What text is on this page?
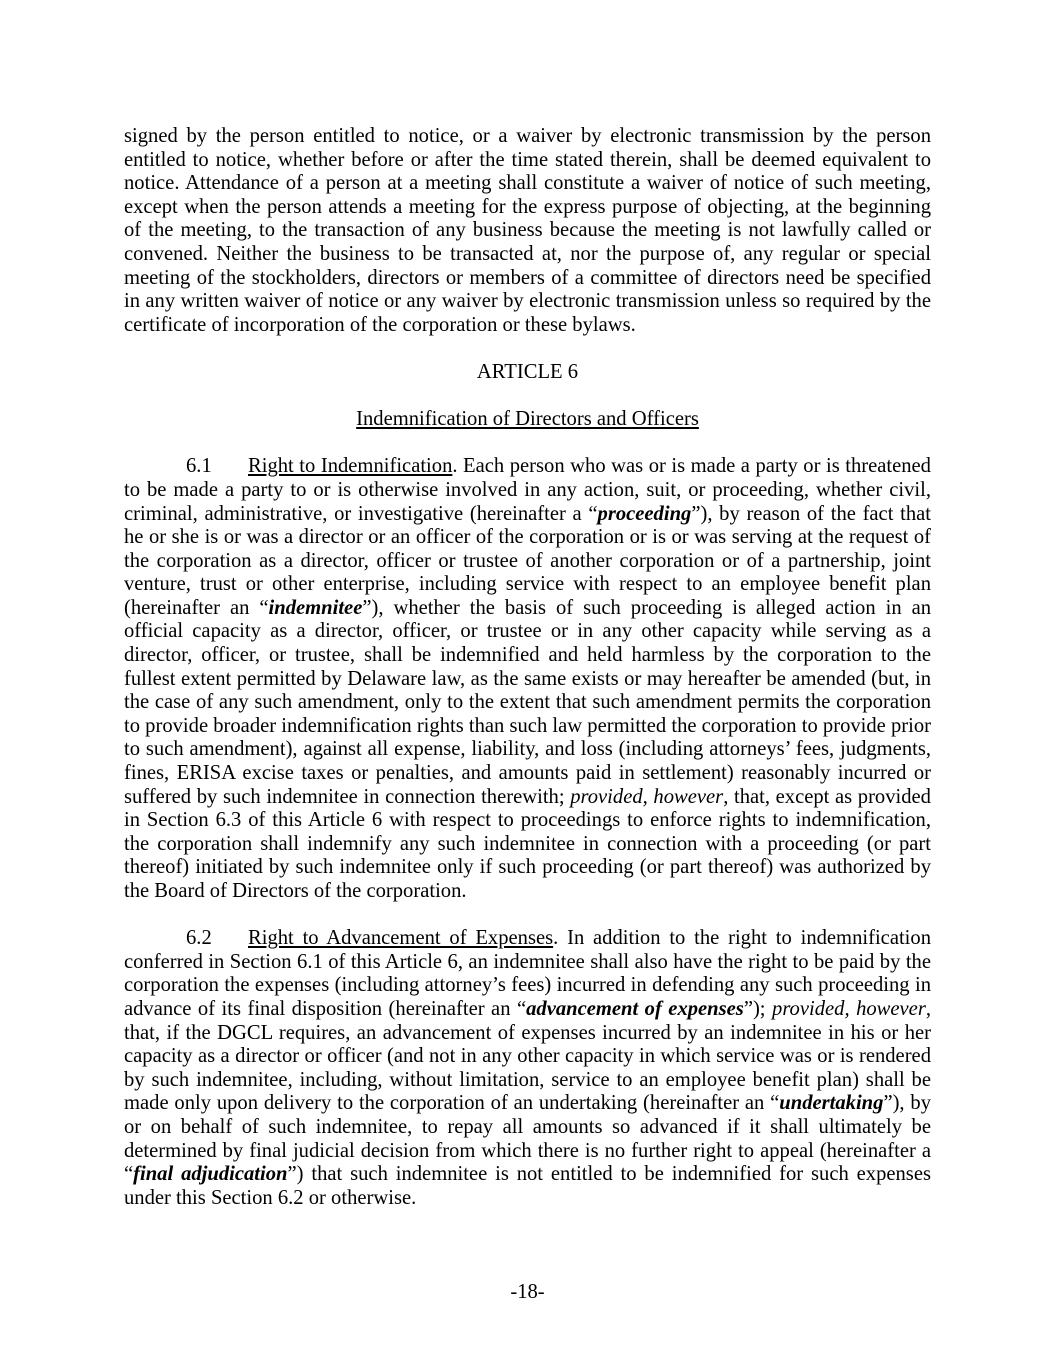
signed by the person entitled to notice, or a waiver by electronic transmission by the person entitled to notice, whether before or after the time stated therein, shall be deemed equivalent to notice. Attendance of a person at a meeting shall constitute a waiver of notice of such meeting, except when the person attends a meeting for the express purpose of objecting, at the beginning of the meeting, to the transaction of any business because the meeting is not lawfully called or convened. Neither the business to be transacted at, nor the purpose of, any regular or special meeting of the stockholders, directors or members of a committee of directors need be specified in any written waiver of notice or any waiver by electronic transmission unless so required by the certificate of incorporation of the corporation or these bylaws.

ARTICLE 6

Indemnification of Directors and Officers

6.1 Right to Indemnification. Each person who was or is made a party or is threatened to be made a party to or is otherwise involved in any action, suit, or proceeding, whether civil, criminal, administrative, or investigative (hereinafter a “proceeding”), by reason of the fact that he or she is or was a director or an officer of the corporation or is or was serving at the request of the corporation as a director, officer or trustee of another corporation or of a partnership, joint venture, trust or other enterprise, including service with respect to an employee benefit plan (hereinafter an “indemnitee”), whether the basis of such proceeding is alleged action in an official capacity as a director, officer, or trustee or in any other capacity while serving as a director, officer, or trustee, shall be indemnified and held harmless by the corporation to the fullest extent permitted by Delaware law, as the same exists or may hereafter be amended (but, in the case of any such amendment, only to the extent that such amendment permits the corporation to provide broader indemnification rights than such law permitted the corporation to provide prior to such amendment), against all expense, liability, and loss (including attorneys’ fees, judgments, fines, ERISA excise taxes or penalties, and amounts paid in settlement) reasonably incurred or suffered by such indemnitee in connection therewith; provided, however, that, except as provided in Section 6.3 of this Article 6 with respect to proceedings to enforce rights to indemnification, the corporation shall indemnify any such indemnitee in connection with a proceeding (or part thereof) initiated by such indemnitee only if such proceeding (or part thereof) was authorized by the Board of Directors of the corporation.

6.2 Right to Advancement of Expenses. In addition to the right to indemnification conferred in Section 6.1 of this Article 6, an indemnitee shall also have the right to be paid by the corporation the expenses (including attorney’s fees) incurred in defending any such proceeding in advance of its final disposition (hereinafter an “advancement of expenses”); provided, however, that, if the DGCL requires, an advancement of expenses incurred by an indemnitee in his or her capacity as a director or officer (and not in any other capacity in which service was or is rendered by such indemnitee, including, without limitation, service to an employee benefit plan) shall be made only upon delivery to the corporation of an undertaking (hereinafter an “undertaking”), by or on behalf of such indemnitee, to repay all amounts so advanced if it shall ultimately be determined by final judicial decision from which there is no further right to appeal (hereinafter a “final adjudication”) that such indemnitee is not entitled to be indemnified for such expenses under this Section 6.2 or otherwise.

-18-
